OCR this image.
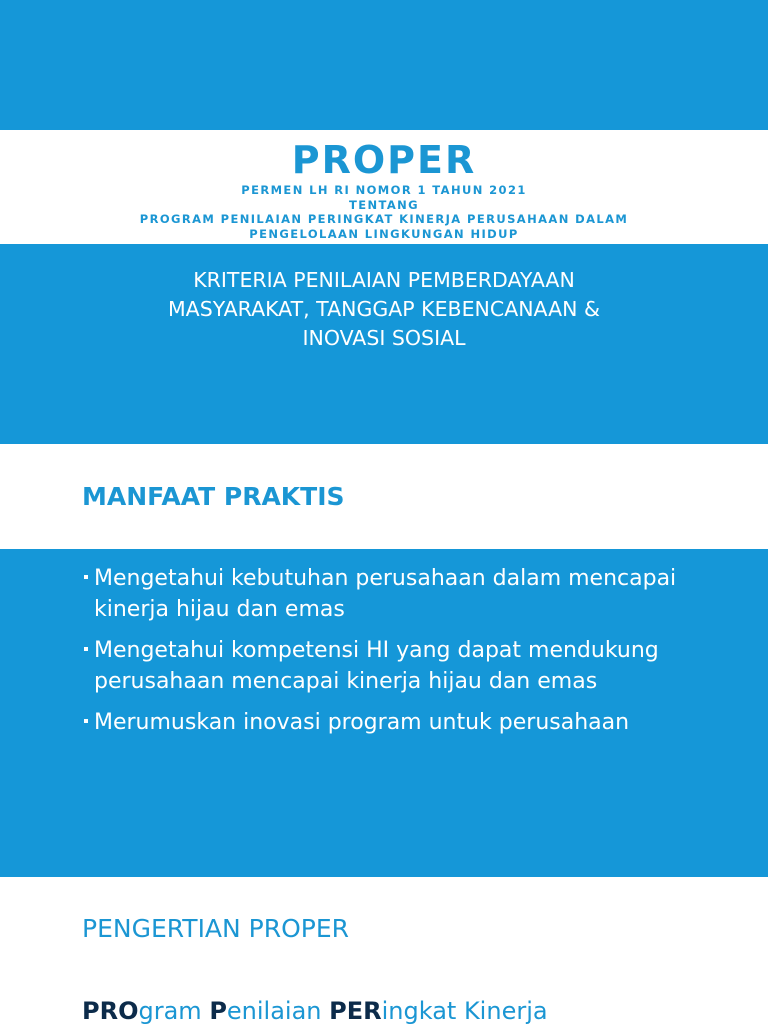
PROPER
PERMEN LH RI NOMOR 1 TAHUN 2021
TENTANG
PROGRAM PENILAIAN PERINGKAT KINERJA PERUSAHAAN DALAM
PENGELOLAAN LINGKUNGAN HIDUP
KRITERIA PENILAIAN PEMBERDAYAAN
MASYARAKAT, TANGGAP KEBENCANAAN &
INOVASI SOSIAL
MANFAAT PRAKTIS
Mengetahui kebutuhan perusahaan dalam mencapai kinerja hijau dan emas
Mengetahui kompetensi HI yang dapat mendukung perusahaan mencapai kinerja hijau dan emas
Merumuskan inovasi program untuk perusahaan
PENGERTIAN PROPER
PROgram Penilaian PERingkat Kinerja
